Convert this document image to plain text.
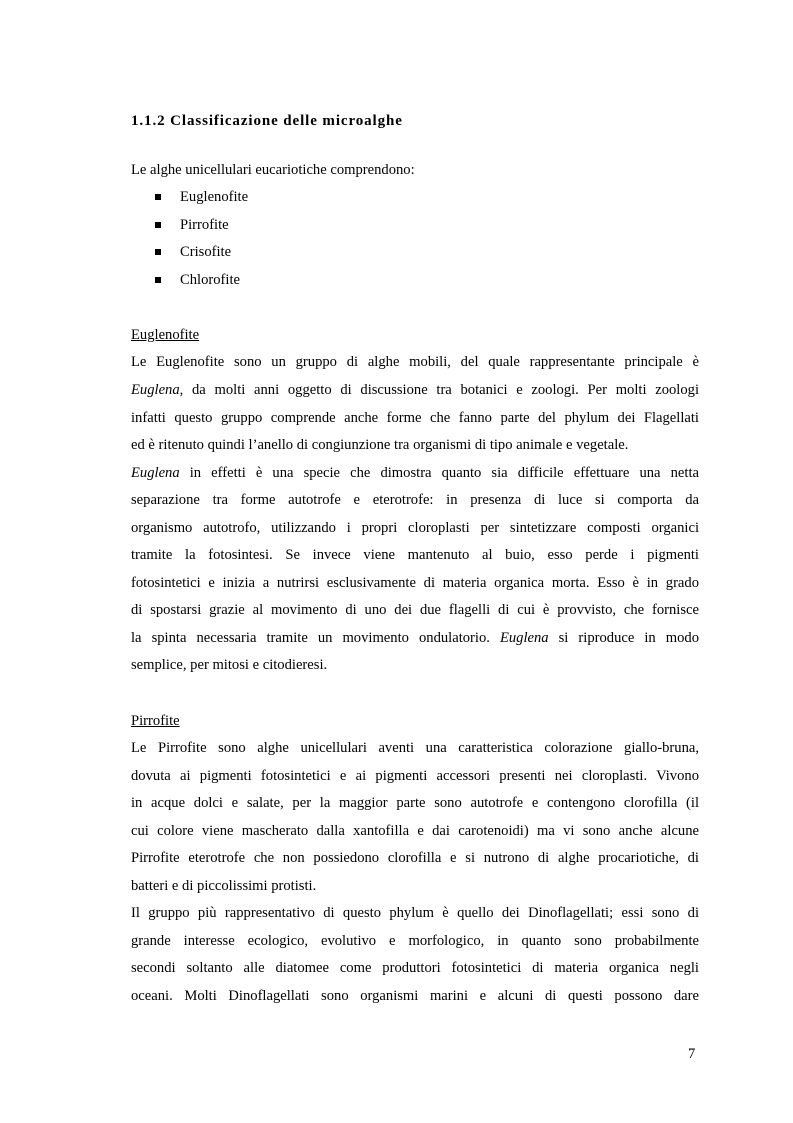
1.1.2 Classificazione delle microalghe
Le alghe unicellulari eucariotiche comprendono:
Euglenofite
Pirrofite
Crisofite
Chlorofite
Euglenofite
Le Euglenofite sono un gruppo di alghe mobili, del quale rappresentante principale è
Euglena, da molti anni oggetto di discussione tra botanici e zoologi. Per molti zoologi
infatti questo gruppo comprende anche forme che fanno parte del phylum dei Flagellati
ed è ritenuto quindi l’anello di congiunzione tra organismi di tipo animale e vegetale.
Euglena in effetti è una specie che dimostra quanto sia difficile effettuare una netta
separazione tra forme autotrofe e eterotrofe: in presenza di luce si comporta da
organismo autotrofo, utilizzando i propri cloroplasti per sintetizzare composti organici
tramite la fotosintesi. Se invece viene mantenuto al buio, esso perde i pigmenti
fotosintetici e inizia a nutrirsi esclusivamente di materia organica morta. Esso è in grado
di spostarsi grazie al movimento di uno dei due flagelli di cui è provvisto, che fornisce
la spinta necessaria tramite un movimento ondulatorio. Euglena si riproduce in modo
semplice, per mitosi e citodieresi.
Pirrofite
Le Pirrofite sono alghe unicellulari aventi una caratteristica colorazione giallo-bruna,
dovuta ai pigmenti fotosintetici e ai pigmenti accessori presenti nei cloroplasti. Vivono
in acque dolci e salate, per la maggior parte sono autotrofe e contengono clorofilla (il
cui colore viene mascherato dalla xantofilla e dai carotenoidi) ma vi sono anche alcune
Pirrofite eterotrofe che non possiedono clorofilla e si nutrono di alghe procariotiche, di
batteri e di piccolissimi protisti.
Il gruppo più rappresentativo di questo phylum è quello dei Dinoflagellati; essi sono di
grande interesse ecologico, evolutivo e morfologico, in quanto sono probabilmente
secondi soltanto alle diatomee come produttori fotosintetici di materia organica negli
oceani. Molti Dinoflagellati sono organismi marini e alcuni di questi possono dare
7
